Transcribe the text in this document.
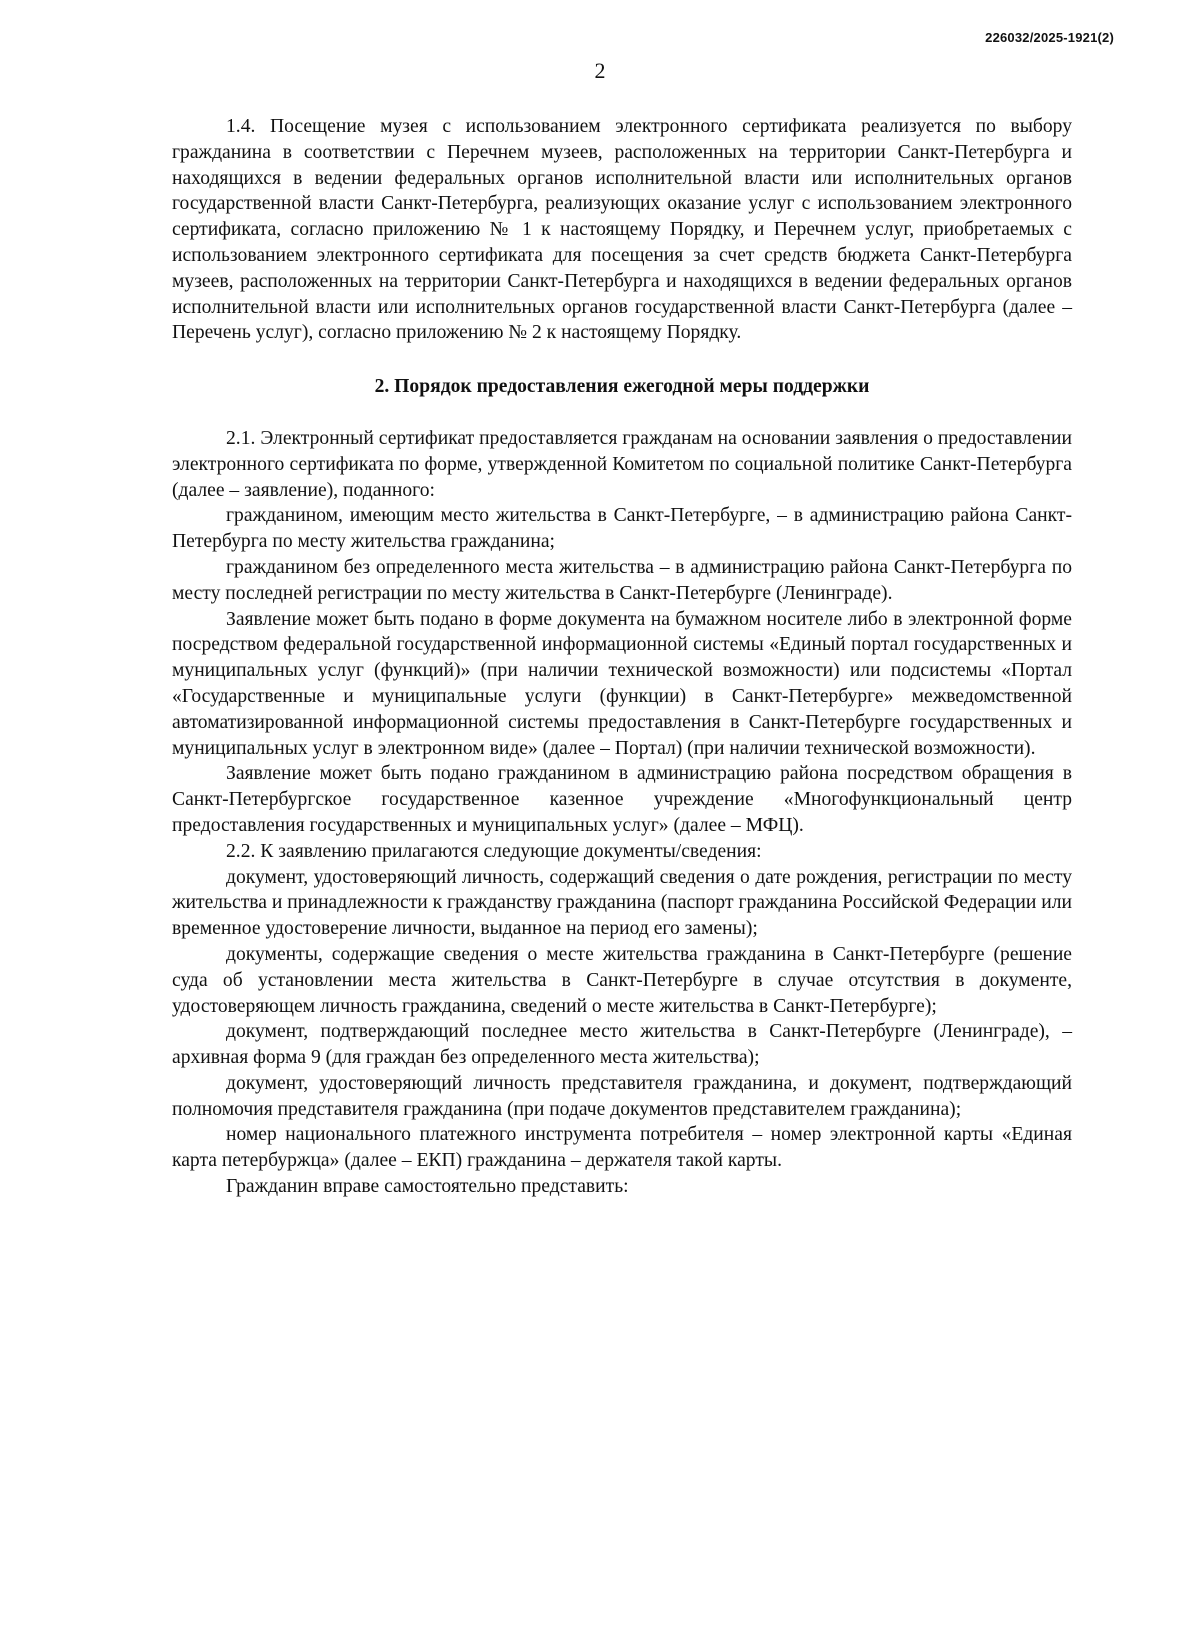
226032/2025-1921(2)
2

1.4. Посещение музея с использованием электронного сертификата реализуется по выбору гражданина в соответствии с Перечнем музеев, расположенных на территории Санкт-Петербурга и находящихся в ведении федеральных органов исполнительной власти или исполнительных органов государственной власти Санкт-Петербурга, реализующих оказание услуг с использованием электронного сертификата, согласно приложению № 1 к настоящему Порядку, и Перечнем услуг, приобретаемых с использованием электронного сертификата для посещения за счет средств бюджета Санкт-Петербурга музеев, расположенных на территории Санкт-Петербурга и находящихся в ведении федеральных органов исполнительной власти или исполнительных органов государственной власти Санкт-Петербурга (далее – Перечень услуг), согласно приложению № 2 к настоящему Порядку.

2. Порядок предоставления ежегодной меры поддержки

2.1. Электронный сертификат предоставляется гражданам на основании заявления о предоставлении электронного сертификата по форме, утвержденной Комитетом по социальной политике Санкт-Петербурга (далее – заявление), поданного:

гражданином, имеющим место жительства в Санкт-Петербурге, – в администрацию района Санкт-Петербурга по месту жительства гражданина;

гражданином без определенного места жительства – в администрацию района Санкт-Петербурга по месту последней регистрации по месту жительства в Санкт-Петербурге (Ленинграде).

Заявление может быть подано в форме документа на бумажном носителе либо в электронной форме посредством федеральной государственной информационной системы «Единый портал государственных и муниципальных услуг (функций)» (при наличии технической возможности) или подсистемы «Портал «Государственные и муниципальные услуги (функции) в Санкт-Петербурге» межведомственной автоматизированной информационной системы предоставления в Санкт-Петербурге государственных и муниципальных услуг в электронном виде» (далее – Портал) (при наличии технической возможности).

Заявление может быть подано гражданином в администрацию района посредством обращения в Санкт-Петербургское государственное казенное учреждение «Многофункциональный центр предоставления государственных и муниципальных услуг» (далее – МФЦ).

2.2. К заявлению прилагаются следующие документы/сведения:

документ, удостоверяющий личность, содержащий сведения о дате рождения, регистрации по месту жительства и принадлежности к гражданству гражданина (паспорт гражданина Российской Федерации или временное удостоверение личности, выданное на период его замены);

документы, содержащие сведения о месте жительства гражданина в Санкт-Петербурге (решение суда об установлении места жительства в Санкт-Петербурге в случае отсутствия в документе, удостоверяющем личность гражданина, сведений о месте жительства в Санкт-Петербурге);

документ, подтверждающий последнее место жительства в Санкт-Петербурге (Ленинграде), – архивная форма 9 (для граждан без определенного места жительства);

документ, удостоверяющий личность представителя гражданина, и документ, подтверждающий полномочия представителя гражданина (при подаче документов представителем гражданина);

номер национального платежного инструмента потребителя – номер электронной карты «Единая карта петербуржца» (далее – ЕКП) гражданина – держателя такой карты.

Гражданин вправе самостоятельно представить:
